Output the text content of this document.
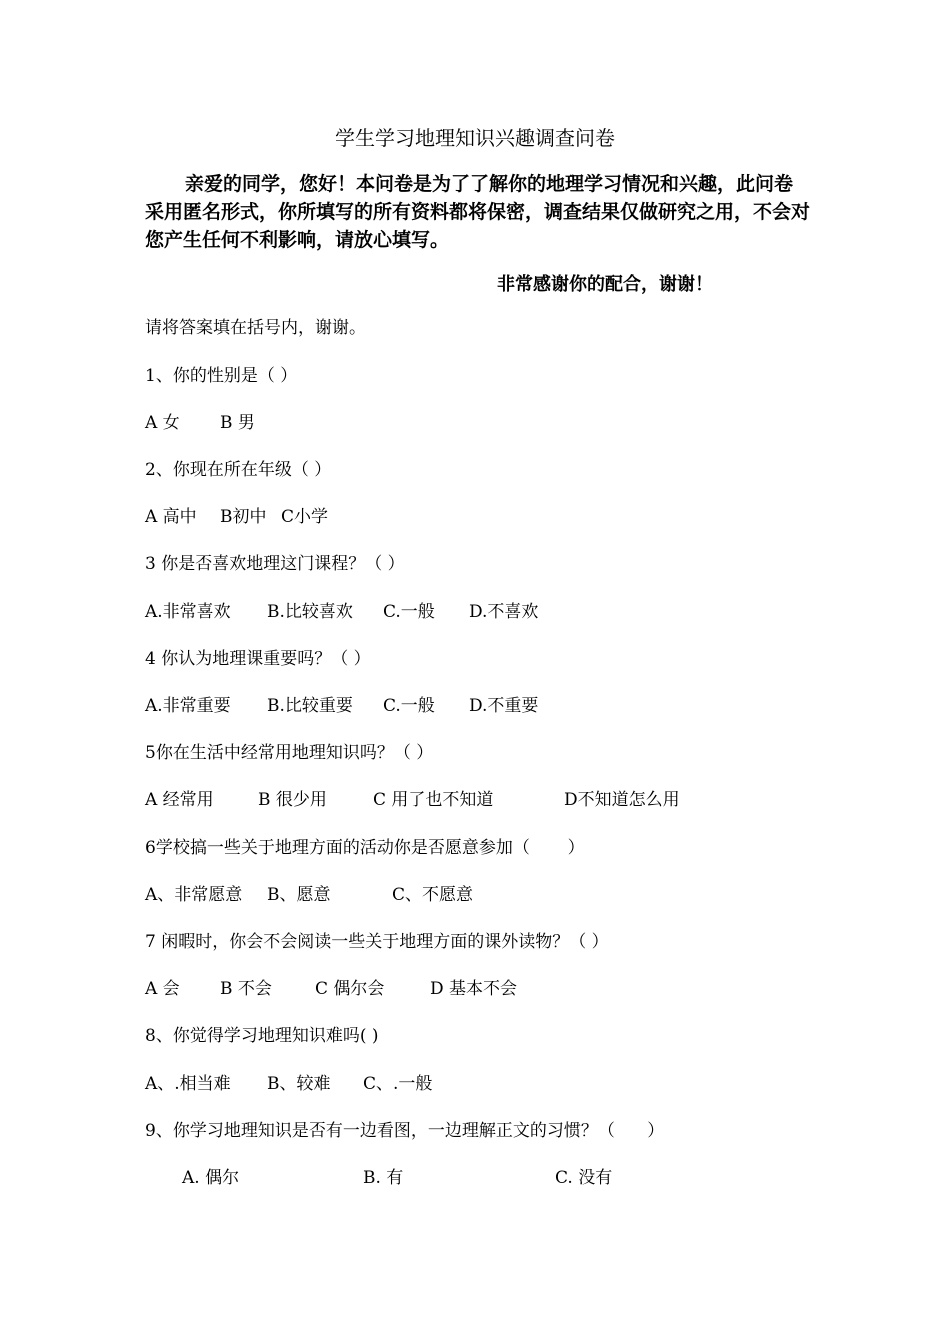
学生学习地理知识兴趣调查问卷

亲爱的同学，您好！本问卷是为了了解你的地理学习情况和兴趣，此问卷采用匿名形式，你所填写的所有资料都将保密，调查结果仅做研究之用，不会对您产生任何不利影响，请放心填写。

非常感谢你的配合，谢谢！
请将答案填在括号内，谢谢。
1、你的性别是（ ）

A 女

B 男

2、你现在所在年级（ ）

A 高中

B初中

C小学

3 你是否喜欢地理这门课程？（ ）

A.非常喜欢

B.比较喜欢

C.一般

D.不喜欢

4 你认为地理课重要吗？（ ）

A.非常重要

B.比较重要

C.一般

D.不重要

5你在生活中经常用地理知识吗？（ ）

A 经常用

	B 很少用

	C 用了也不知道

	D不知道怎么用

6学校搞一些关于地理方面的活动你是否愿意参加（       ）

A、非常愿意

B、愿意

	C、不愿意

7 闲暇时，你会不会阅读一些关于地理方面的课外读物？（ ）

A 会

B 不会

	C 偶尔会

	D 基本不会

8、你觉得学习地理知识难吗( )

A、.相当难

B、较难

C、.一般

9、你学习地理知识是否有一边看图，一边理解正文的习惯？（      ）

A. 偶尔

	B. 有

	C. 没有
